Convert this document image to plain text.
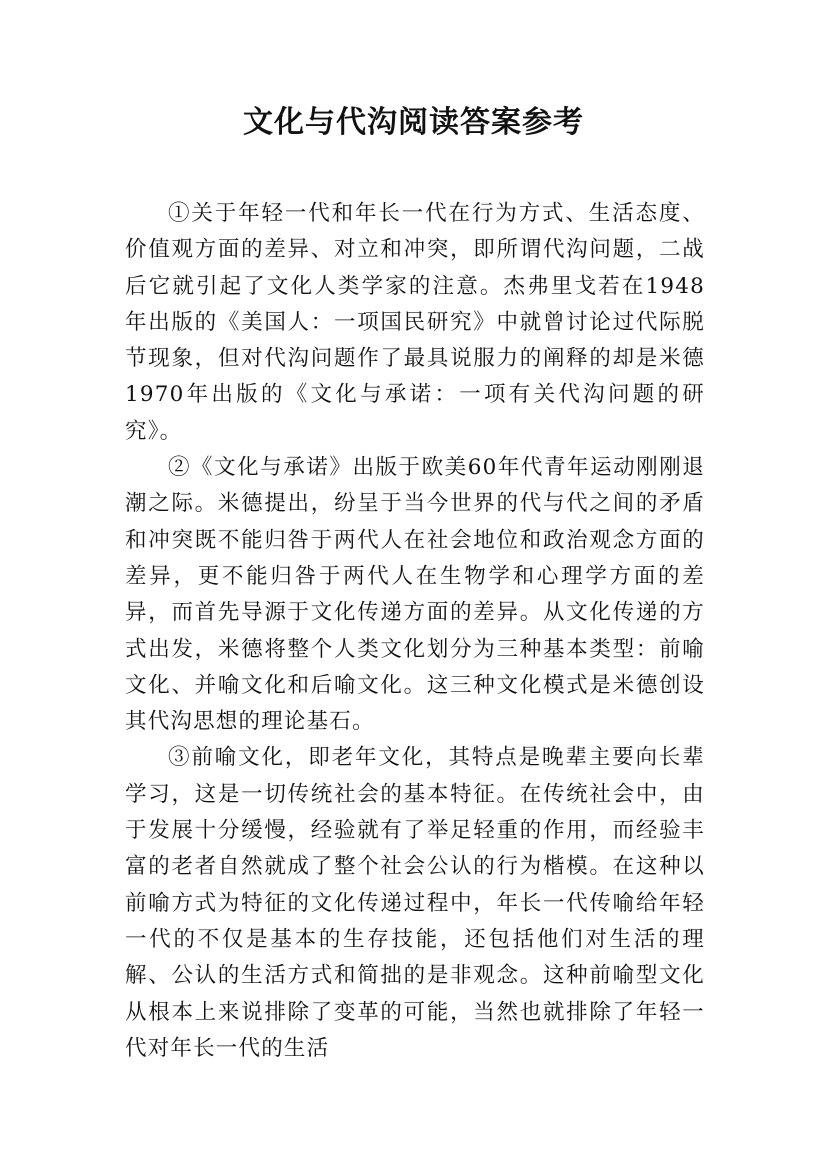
文化与代沟阅读答案参考

①关于年轻一代和年长一代在行为方式、生活态度、价值观方面的差异、对立和冲突，即所谓代沟问题，二战后它就引起了文化人类学家的注意。杰弗里戈若在1948年出版的《美国人：一项国民研究》中就曾讨论过代际脱节现象，但对代沟问题作了最具说服力的阐释的却是米德1970年出版的《文化与承诺：一项有关代沟问题的研究》。

②《文化与承诺》出版于欧美60年代青年运动刚刚退潮之际。米德提出，纷呈于当今世界的代与代之间的矛盾和冲突既不能归咎于两代人在社会地位和政治观念方面的差异，更不能归咎于两代人在生物学和心理学方面的差异，而首先导源于文化传递方面的差异。从文化传递的方式出发，米德将整个人类文化划分为三种基本类型：前喻文化、并喻文化和后喻文化。这三种文化模式是米德创设其代沟思想的理论基石。

③前喻文化，即老年文化，其特点是晚辈主要向长辈学习，这是一切传统社会的基本特征。在传统社会中，由于发展十分缓慢，经验就有了举足轻重的作用，而经验丰富的老者自然就成了整个社会公认的行为楷模。在这种以前喻方式为特征的文化传递过程中，年长一代传喻给年轻一代的不仅是基本的生存技能，还包括他们对生活的理解、公认的生活方式和简拙的是非观念。这种前喻型文化从根本上来说排除了变革的可能，当然也就排除了年轻一代对年长一代的生活
